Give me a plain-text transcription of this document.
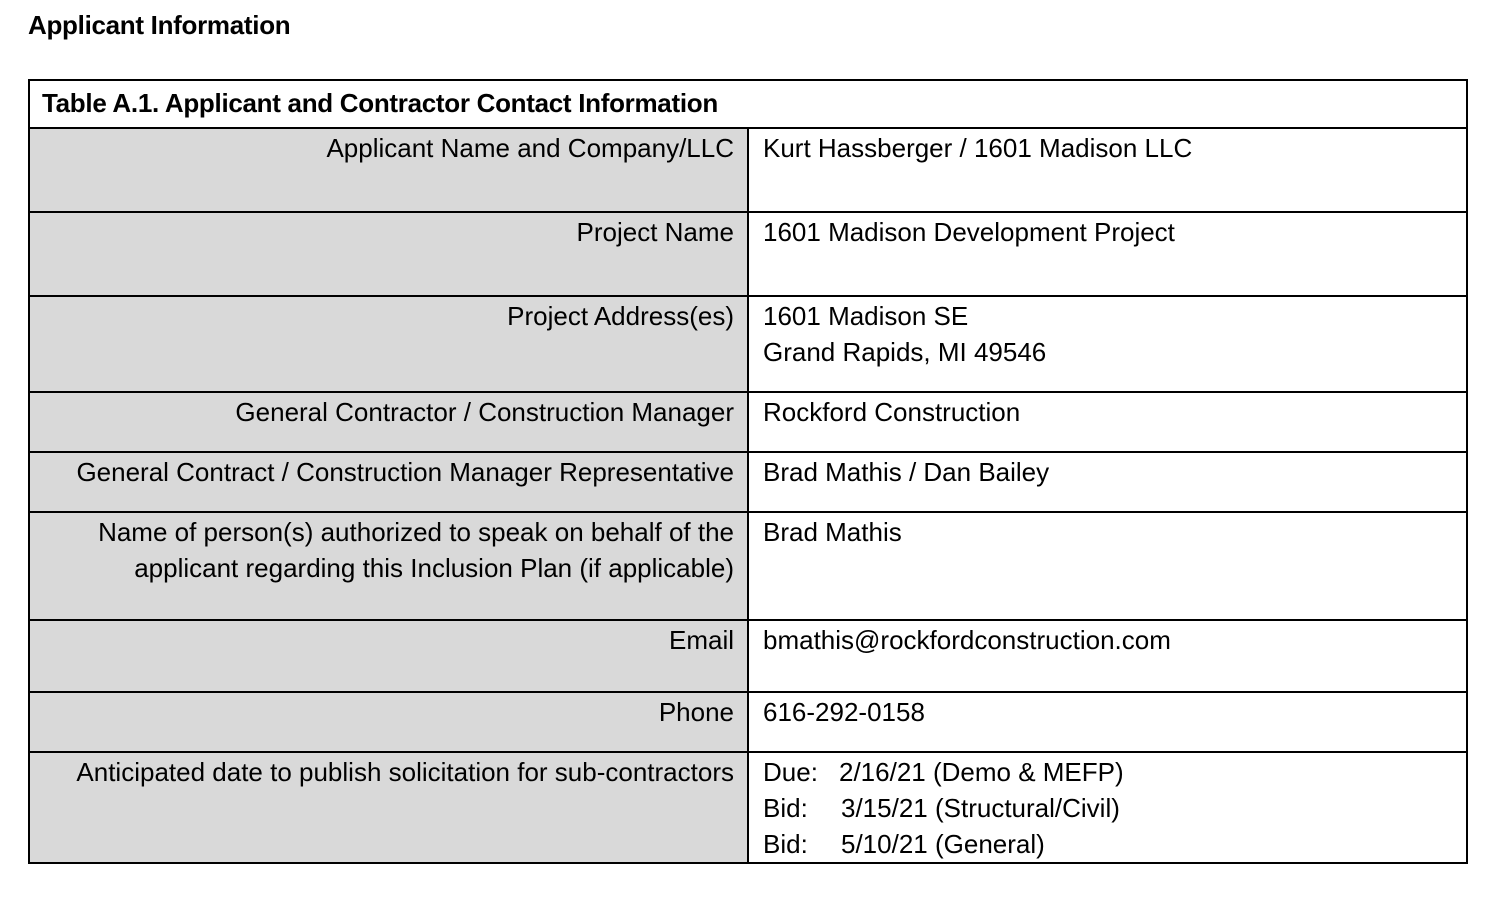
Applicant Information
Table A.1. Applicant and Contractor Contact Information	

Applicant Name and Company/LLC	Kurt Hassberger / 1601 Madison LLC

Project Name	1601 Madison Development Project

Project Address(es)	1601 Madison SE
Grand Rapids, MI 49546

General Contractor / Construction Manager	Rockford Construction

General Contract / Construction Manager Representative	Brad Mathis / Dan Bailey

Name of person(s) authorized to speak on behalf of the
applicant regarding this Inclusion Plan (if applicable)	Brad Mathis

Email	bmathis@rockfordconstruction.com

Phone	616-292-0158

Anticipated date to publish solicitation for sub-contractors	Due: 2/16/21 (Demo & MEFP)
Bid: 3/15/21 (Structural/Civil)
Bid: 5/10/21 (General)
